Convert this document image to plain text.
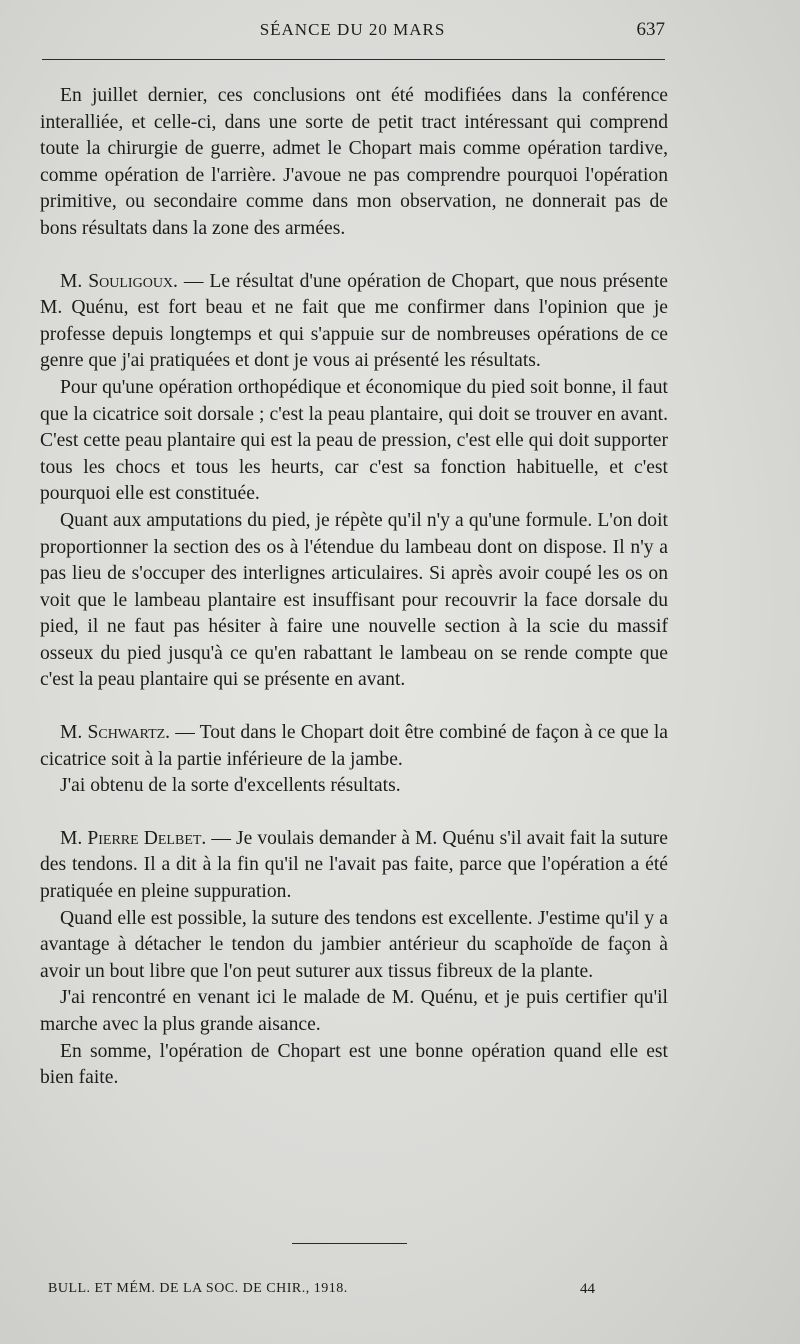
SÉANCE DU 20 MARS	637

En juillet dernier, ces conclusions ont été modifiées dans la conférence interalliée, et celle-ci, dans une sorte de petit tract intéressant qui comprend toute la chirurgie de guerre, admet le Chopart mais comme opération tardive, comme opération de l'arrière. J'avoue ne pas comprendre pourquoi l'opération primitive, ou secondaire comme dans mon observation, ne donnerait pas de bons résultats dans la zone des armées.

M. Souligoux. — Le résultat d'une opération de Chopart, que nous présente M. Quénu, est fort beau et ne fait que me confirmer dans l'opinion que je professe depuis longtemps et qui s'appuie sur de nombreuses opérations de ce genre que j'ai pratiquées et dont je vous ai présenté les résultats.

Pour qu'une opération orthopédique et économique du pied soit bonne, il faut que la cicatrice soit dorsale ; c'est la peau plantaire, qui doit se trouver en avant. C'est cette peau plantaire qui est la peau de pression, c'est elle qui doit supporter tous les chocs et tous les heurts, car c'est sa fonction habituelle, et c'est pourquoi elle est constituée.

Quant aux amputations du pied, je répète qu'il n'y a qu'une formule. L'on doit proportionner la section des os à l'étendue du lambeau dont on dispose. Il n'y a pas lieu de s'occuper des interlignes articulaires. Si après avoir coupé les os on voit que le lambeau plantaire est insuffisant pour recouvrir la face dorsale du pied, il ne faut pas hésiter à faire une nouvelle section à la scie du massif osseux du pied jusqu'à ce qu'en rabattant le lambeau on se rende compte que c'est la peau plantaire qui se présente en avant.

M. Schwartz. — Tout dans le Chopart doit être combiné de façon à ce que la cicatrice soit à la partie inférieure de la jambe.

J'ai obtenu de la sorte d'excellents résultats.

M. Pierre Delbet. — Je voulais demander à M. Quénu s'il avait fait la suture des tendons. Il a dit à la fin qu'il ne l'avait pas faite, parce que l'opération a été pratiquée en pleine suppuration.

Quand elle est possible, la suture des tendons est excellente. J'estime qu'il y a avantage à détacher le tendon du jambier antérieur du scaphoïde de façon à avoir un bout libre que l'on peut suturer aux tissus fibreux de la plante.

J'ai rencontré en venant ici le malade de M. Quénu, et je puis certifier qu'il marche avec la plus grande aisance.

En somme, l'opération de Chopart est une bonne opération quand elle est bien faite.

BULL. ET MÉM. DE LA SOC. DE CHIR., 1918.	44
